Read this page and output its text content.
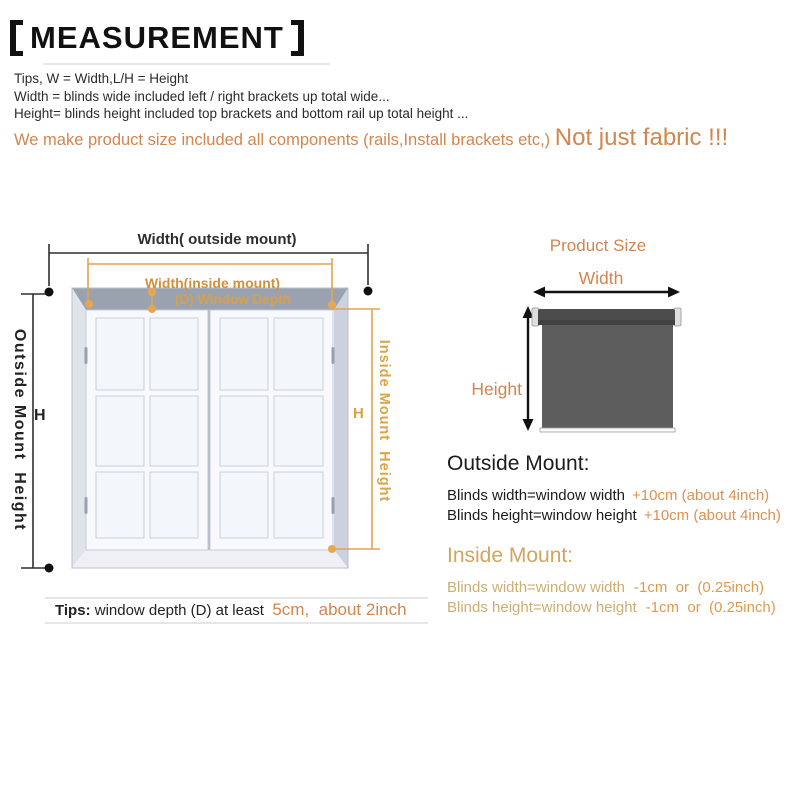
MEASUREMENT
Tips, W = Width,L/H = Height
Width = blinds wide included left / right brackets up total wide...
Height= blinds height included top brackets and bottom rail up total height ...
We make product size included all components (rails,Install brackets etc,) Not just fabric !!!
Width( outside mount)
Width(inside mount)
(D) Window Depth
H	H
Outside Mount  Height	Inside Mount  Height
Tips: window depth (D) at least  5cm,  about 2inch
Product Size
Width
Height
Outside Mount:
Blinds width=window width +10cm (about 4inch)
Blinds height=window height +10cm (about 4inch)
Inside Mount:
Blinds width=window width -1cm  or  (0.25inch)
Blinds height=window height -1cm  or  (0.25inch)
